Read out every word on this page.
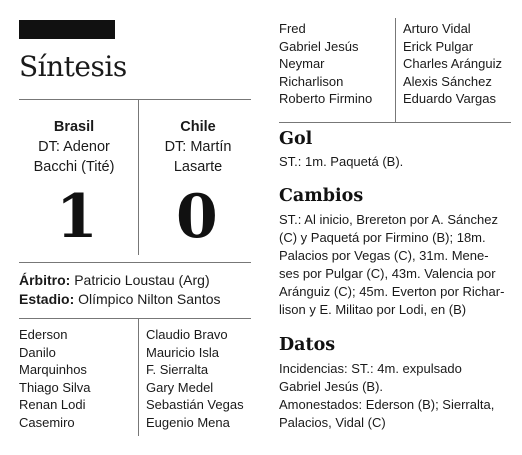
Síntesis
Brasil
DT: Adenor
Bacchi (Tité)
Chile
DT: Martín
Lasarte
1 0
Árbitro: Patricio Loustau (Arg)
Estadio: Olímpico Nilton Santos
Ederson
Danilo
Marquinhos
Thiago Silva
Renan Lodi
Casemiro
Claudio Bravo
Mauricio Isla
F. Sierralta
Gary Medel
Sebastián Vegas
Eugenio Mena
Fred
Gabriel Jesús
Neymar
Richarlison
Roberto Firmino
Arturo Vidal
Erick Pulgar
Charles Aránguiz
Alexis Sánchez
Eduardo Vargas
Gol
ST.: 1m. Paquetá (B).
Cambios
ST.: Al inicio, Brereton por A. Sánchez
(C) y Paquetá por Firmino (B); 18m.
Palacios por Vegas (C), 31m. Mene-
ses por Pulgar (C), 43m. Valencia por
Aránguiz (C); 45m. Everton por Richar-
lison y E. Militao por Lodi, en (B)
Datos
Incidencias: ST.: 4m. expulsado
Gabriel Jesús (B).
Amonestados: Ederson (B); Sierralta,
Palacios, Vidal (C)
